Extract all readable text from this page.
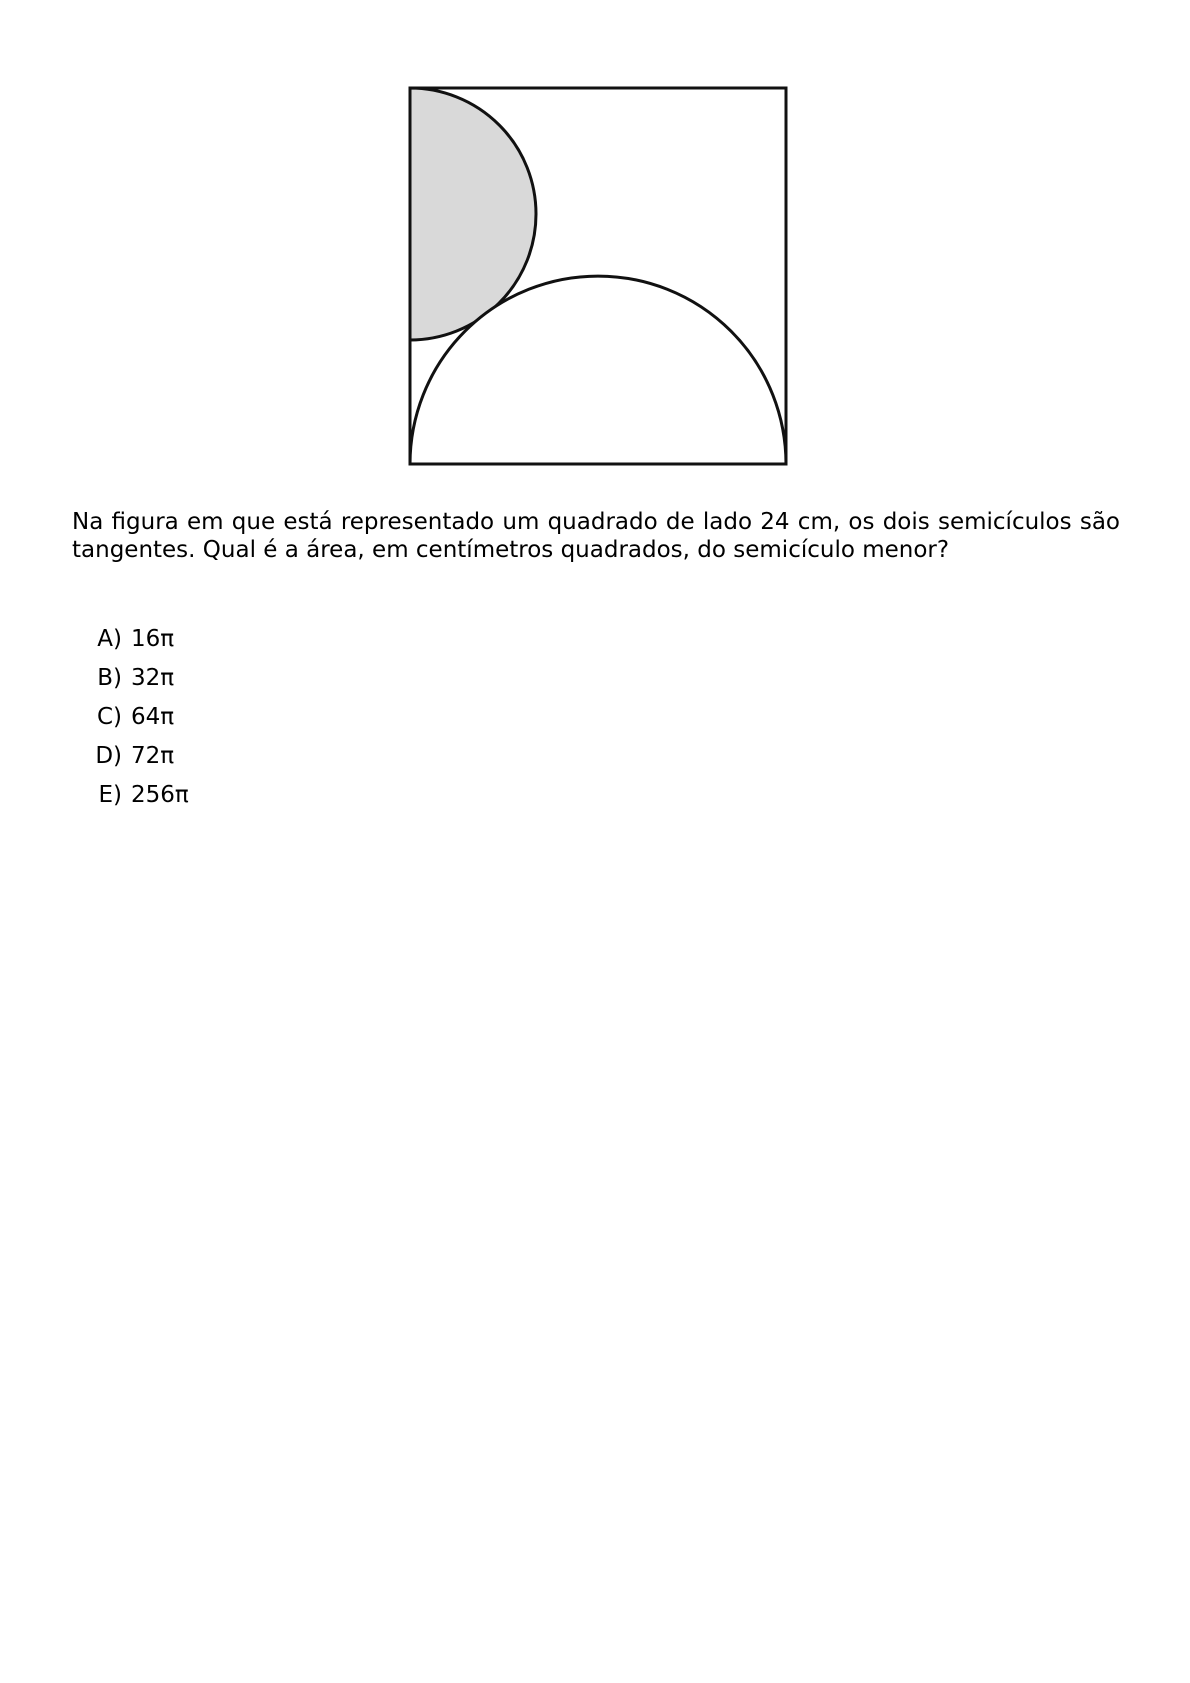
Na figura em que está representado um quadrado de lado 24 cm, os dois semicículos são tangentes. Qual é a área, em centímetros quadrados, do semicículo menor?

A) 16π
B) 32π
C) 64π
D) 72π
E) 256π
